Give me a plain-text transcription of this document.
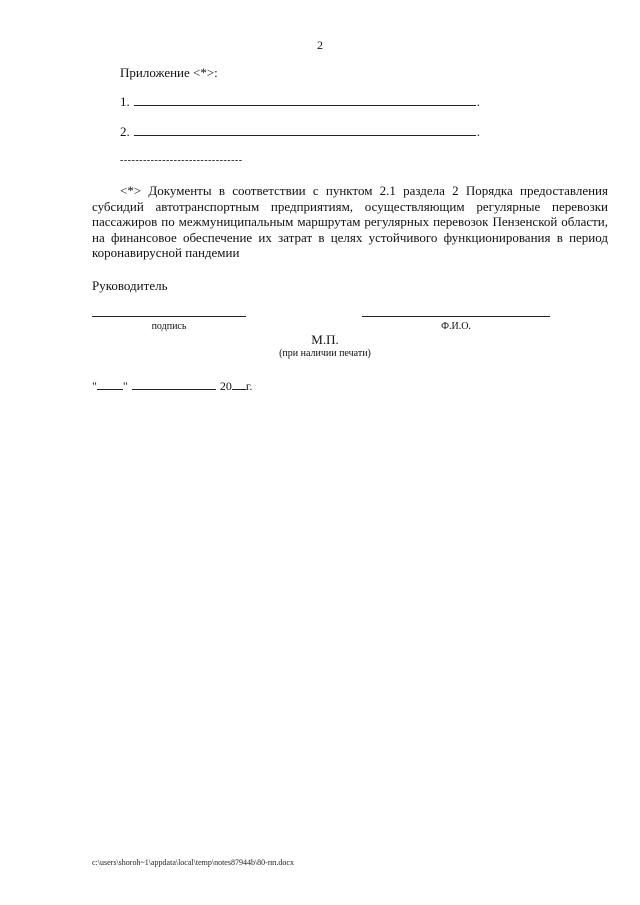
2
Приложение <*>:
1.	.
2.	.
--------------------------------
<*> Документы в соответствии с пунктом 2.1 раздела 2 Порядка предоставления субсидий автотранспортным предприятиям, осуществляющим регулярные перевозки пассажиров по межмуниципальным маршрутам регулярных перевозок Пензенской области, на финансовое обеспечение их затрат в целях устойчивого функционирования в период коронавирусной пандемии
Руководитель
подпись	Ф.И.О.
М.П.
(при наличии печати)
" "	20 г.
c:\users\shoroh~1\appdata\local\temp\notes87944b\80-пп.docx
